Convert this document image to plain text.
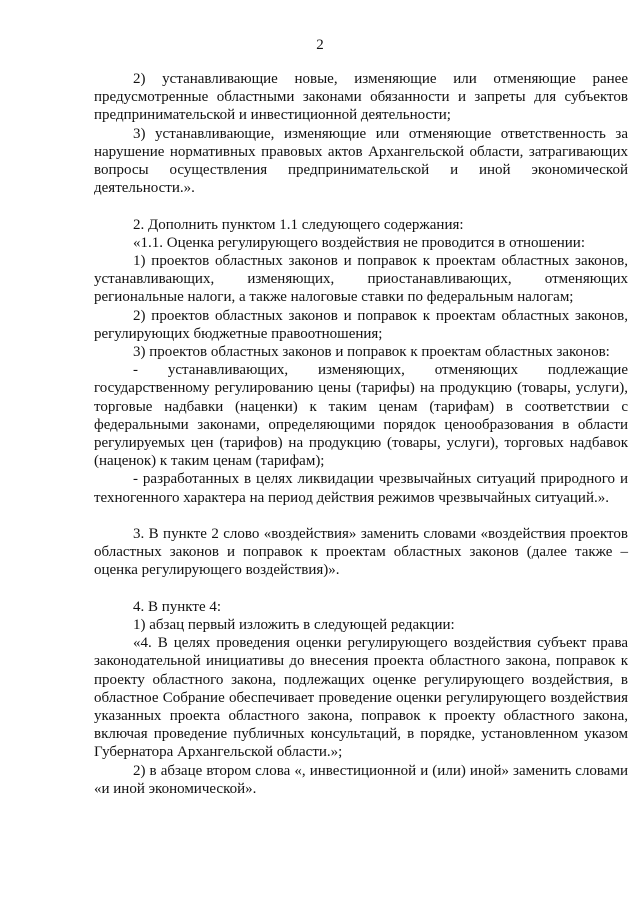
2

2) устанавливающие новые, изменяющие или отменяющие ранее предусмотренные областными законами обязанности и запреты для субъектов предпринимательской и инвестиционной деятельности;

3) устанавливающие, изменяющие или отменяющие ответственность за нарушение нормативных правовых актов Архангельской области, затрагивающих вопросы осуществления предпринимательской и иной экономической деятельности.».

2. Дополнить пунктом 1.1 следующего содержания:

«1.1. Оценка регулирующего воздействия не проводится в отношении:

1) проектов областных законов и поправок к проектам областных законов, устанавливающих, изменяющих, приостанавливающих, отменяющих региональные налоги, а также налоговые ставки по федеральным налогам;

2) проектов областных законов и поправок к проектам областных законов, регулирующих бюджетные правоотношения;

3) проектов областных законов и поправок к проектам областных законов:

- устанавливающих, изменяющих, отменяющих подлежащие государственному регулированию цены (тарифы) на продукцию (товары, услуги), торговые надбавки (наценки) к таким ценам (тарифам) в соответствии с федеральными законами, определяющими порядок ценообразования в области регулируемых цен (тарифов) на продукцию (товары, услуги), торговых надбавок (наценок) к таким ценам (тарифам);

- разработанных в целях ликвидации чрезвычайных ситуаций природного и техногенного характера на период действия режимов чрезвычайных ситуаций.».

3. В пункте 2 слово «воздействия» заменить словами «воздействия проектов областных законов и поправок к проектам областных законов (далее также – оценка регулирующего воздействия)».

4. В пункте 4:

1) абзац первый изложить в следующей редакции:

«4. В целях проведения оценки регулирующего воздействия субъект права законодательной инициативы до внесения проекта областного закона, поправок к проекту областного закона, подлежащих оценке регулирующего воздействия, в областное Собрание обеспечивает проведение оценки регулирующего воздействия указанных проекта областного закона, поправок к проекту областного закона, включая проведение публичных консультаций, в порядке, установленном указом Губернатора Архангельской области.»;

2) в абзаце втором слова «, инвестиционной и (или) иной» заменить словами «и иной экономической».
